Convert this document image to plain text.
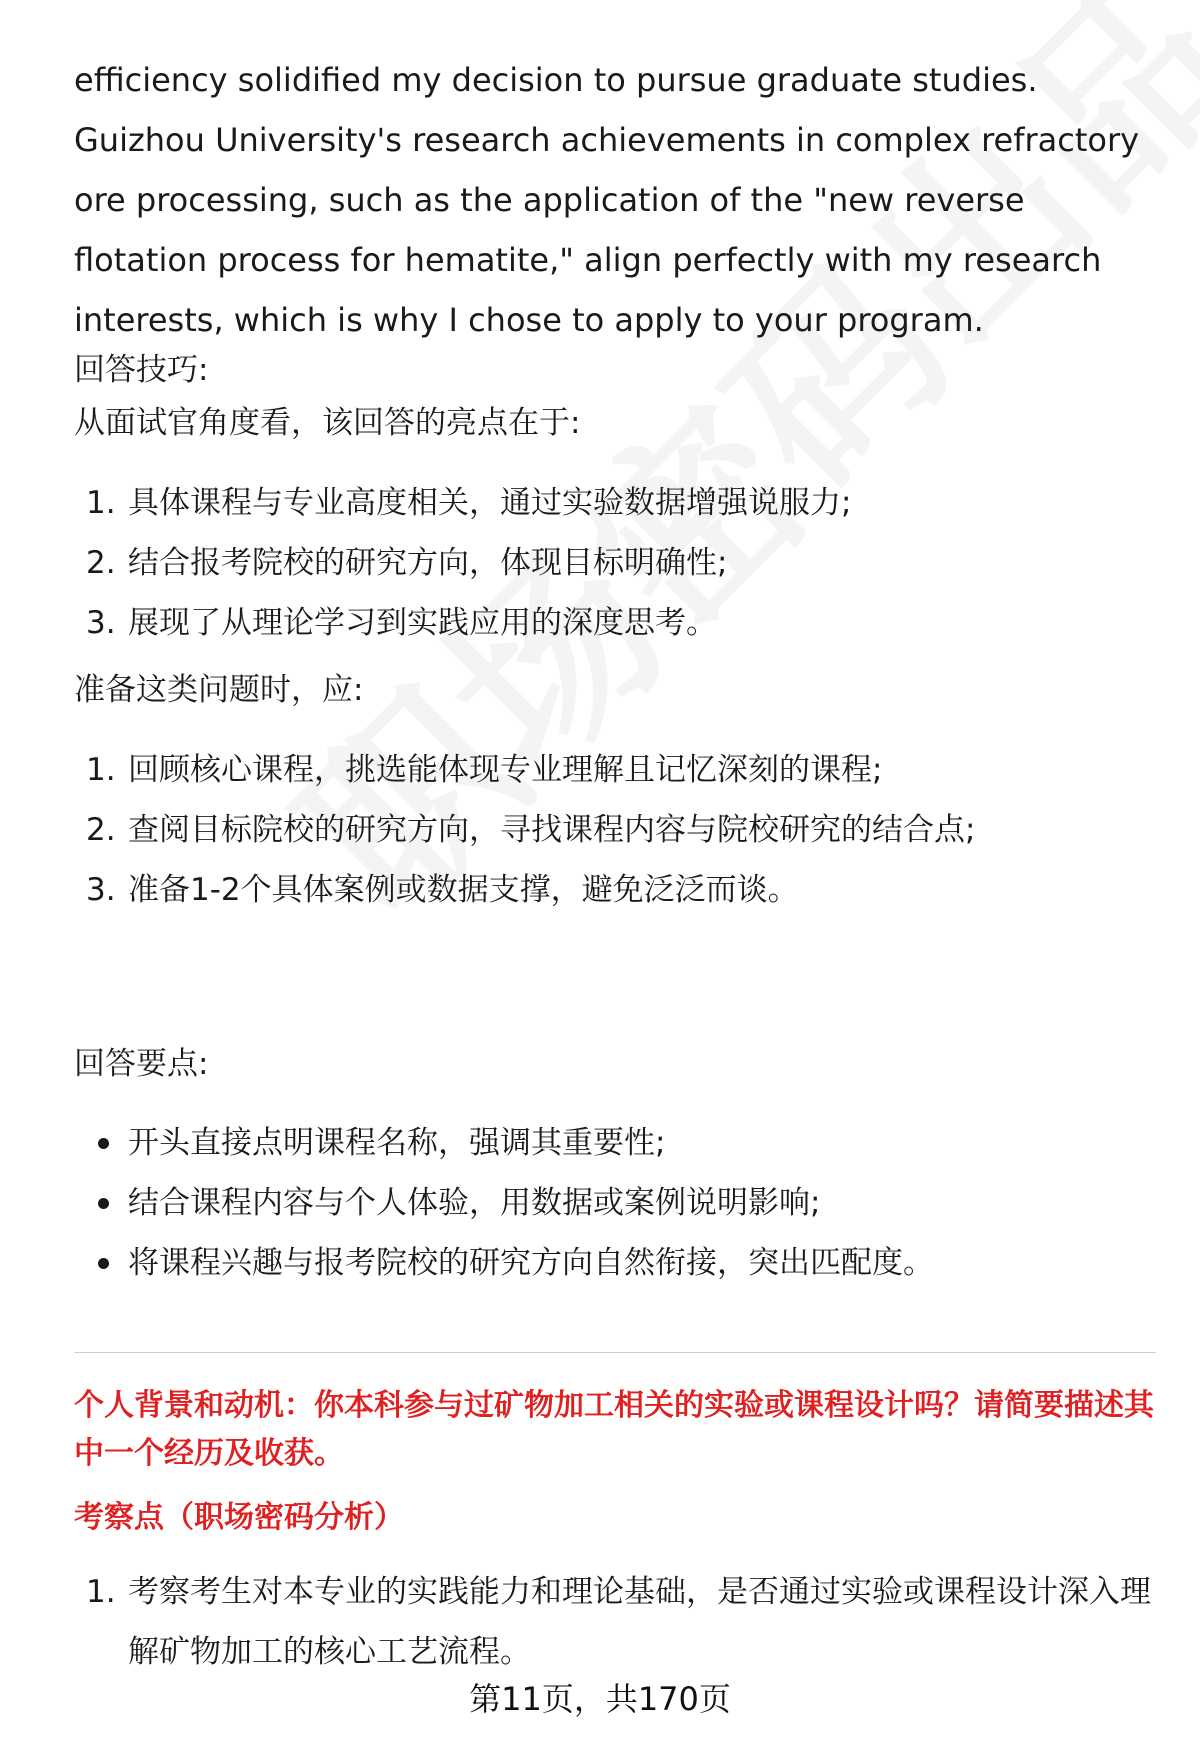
efficiency solidified my decision to pursue graduate studies. Guizhou University's research achievements in complex refractory ore processing, such as the application of the "new reverse flotation process for hematite," align perfectly with my research interests, which is why I chose to apply to your program.

回答技巧:

从面试官角度看，该回答的亮点在于:

1. 具体课程与专业高度相关，通过实验数据增强说服力;
2. 结合报考院校的研究方向，体现目标明确性;
3. 展现了从理论学习到实践应用的深度思考。

准备这类问题时，应:

1. 回顾核心课程，挑选能体现专业理解且记忆深刻的课程;
2. 查阅目标院校的研究方向，寻找课程内容与院校研究的结合点;
3. 准备1-2个具体案例或数据支撑，避免泛泛而谈。

回答要点:

开头直接点明课程名称，强调其重要性;
结合课程内容与个人体验，用数据或案例说明影响;
将课程兴趣与报考院校的研究方向自然衔接，突出匹配度。

个人背景和动机：你本科参与过矿物加工相关的实验或课程设计吗？请简要描述其中一个经历及收获。

考察点（职场密码分析）

1. 考察考生对本专业的实践能力和理论基础，是否通过实验或课程设计深入理解矿物加工的核心工艺流程。
第11页，共170页
